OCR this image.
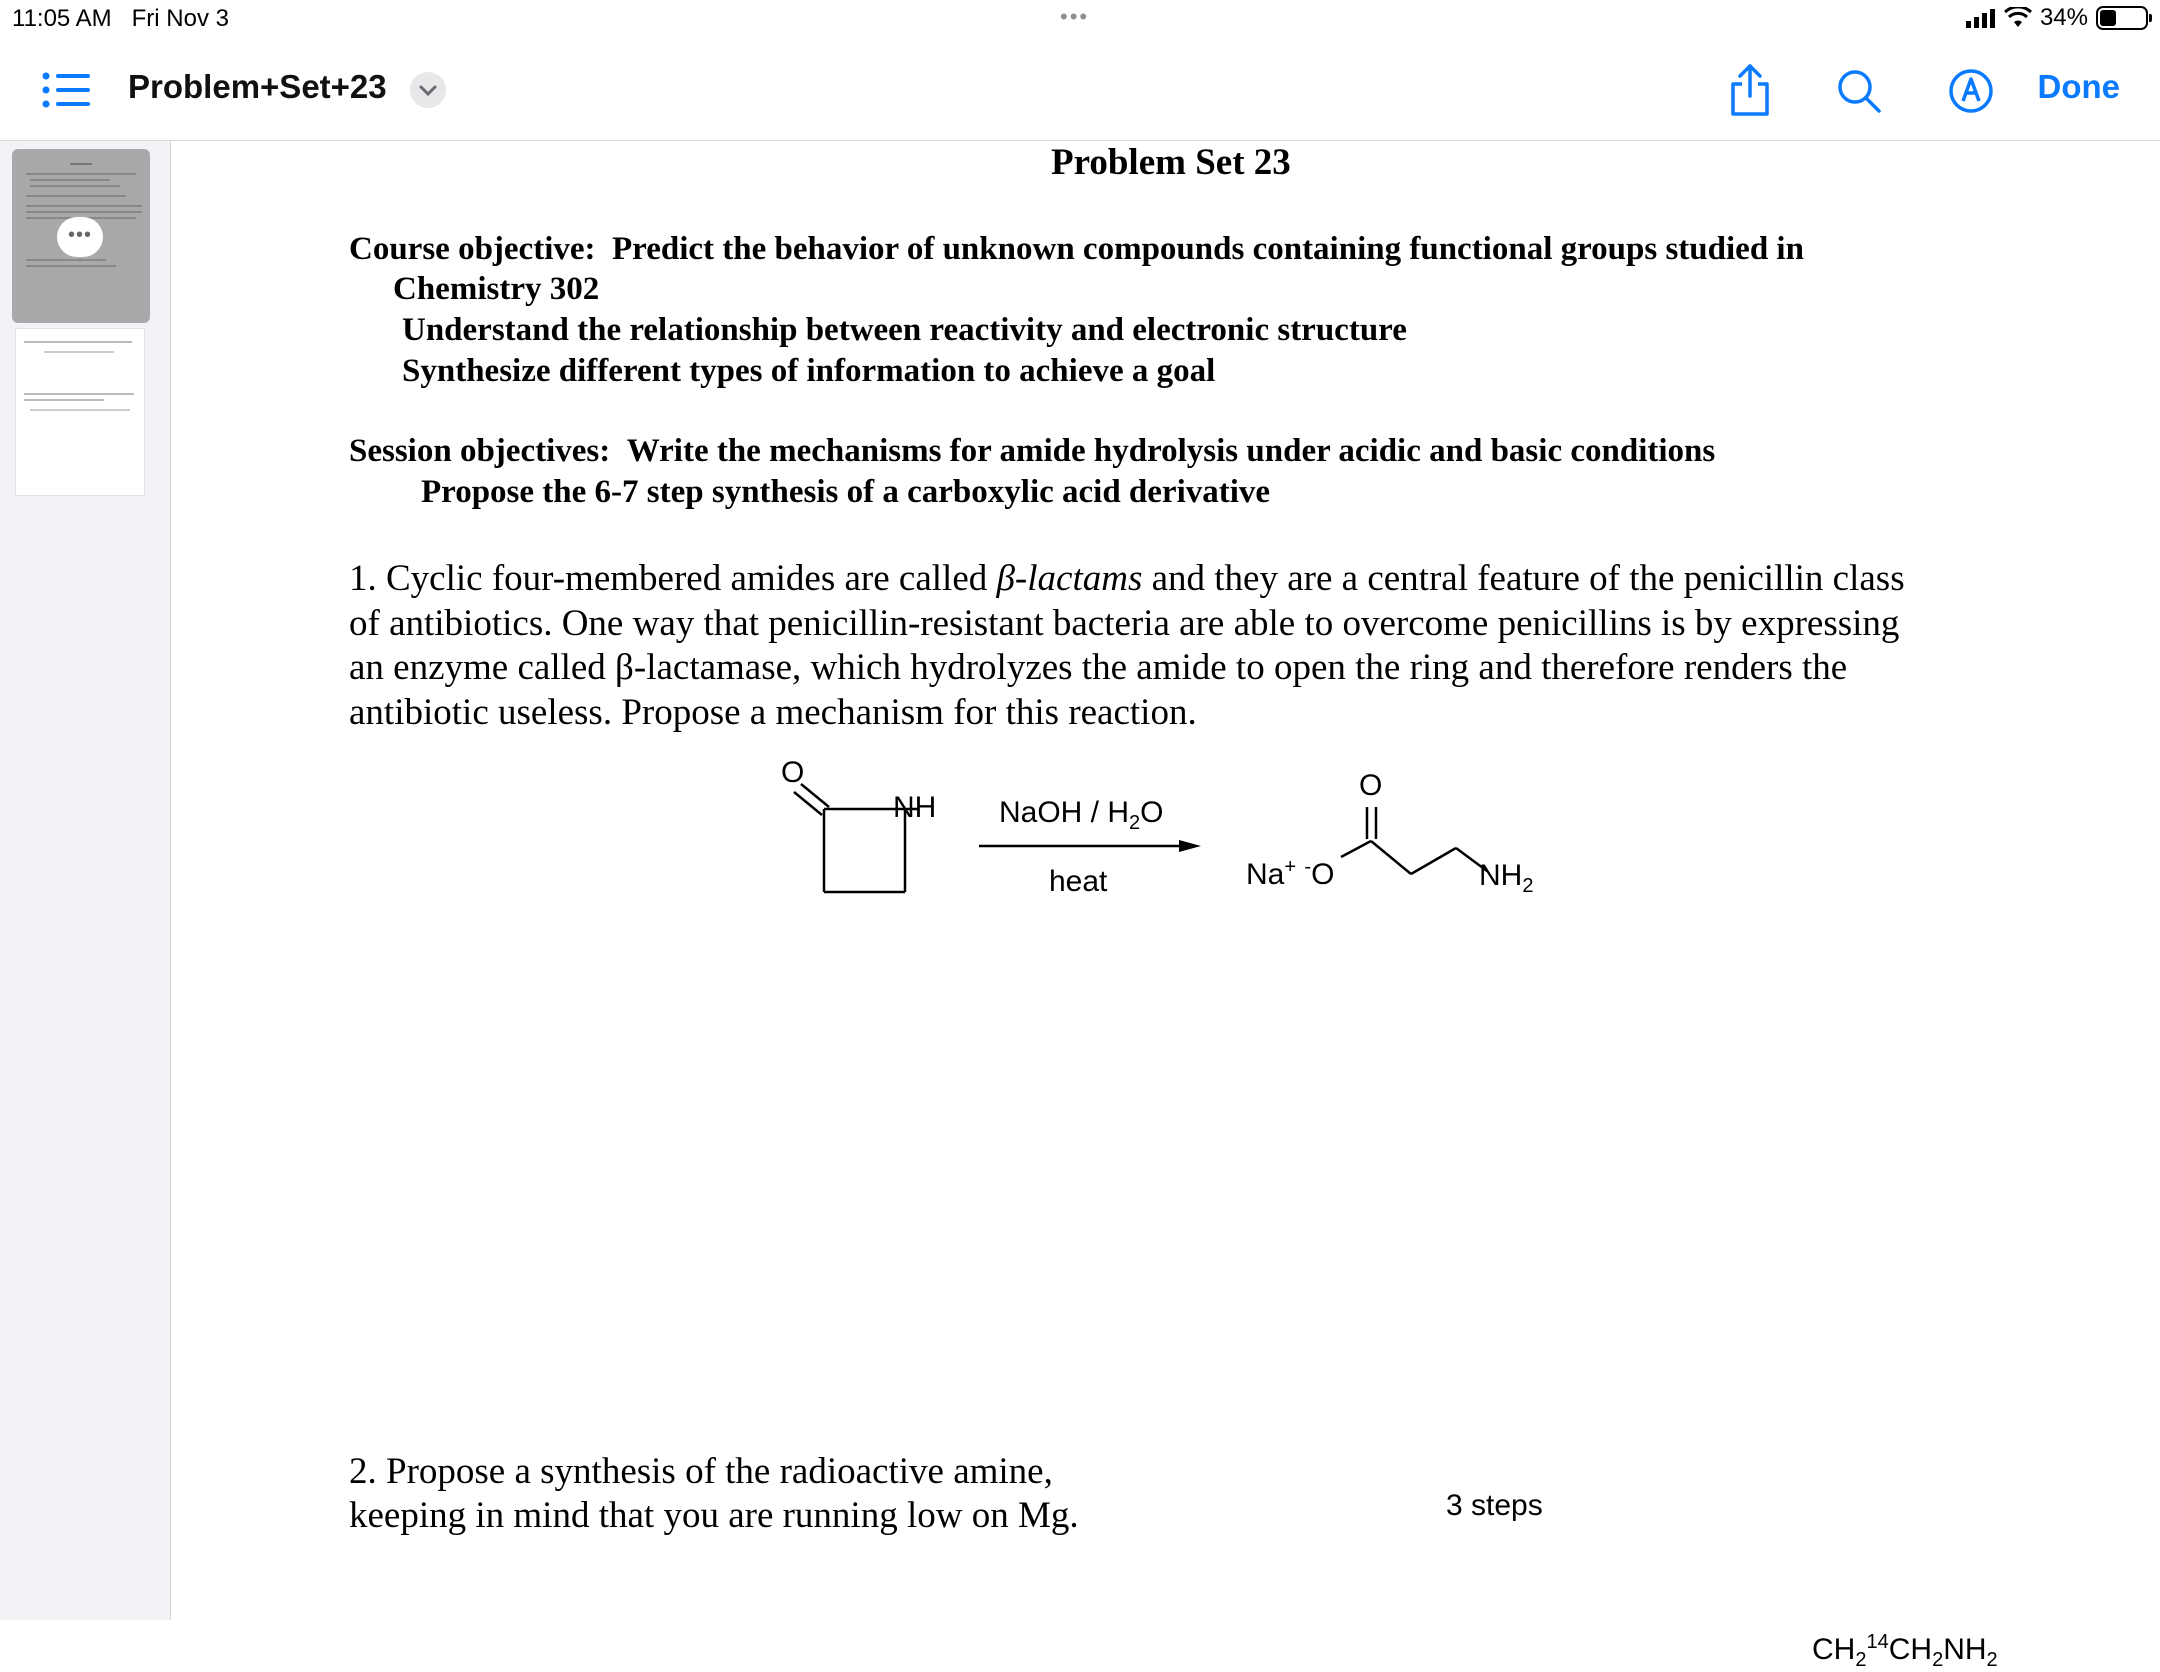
11:05 AM Fri Nov 3	•••	34%
Problem+Set+23	Done
•••
Problem Set 23
Course objective: Predict the behavior of unknown compounds containing functional groups studied in
Chemistry 302
Understand the relationship between reactivity and electronic structure
Synthesize different types of information to achieve a goal
Session objectives: Write the mechanisms for amide hydrolysis under acidic and basic conditions
Propose the 6-7 step synthesis of a carboxylic acid derivative
1. Cyclic four-membered amides are called β-lactams and they are a central feature of the penicillin class
of antibiotics. One way that penicillin-resistant bacteria are able to overcome penicillins is by expressing
an enzyme called β-lactamase, which hydrolyzes the amide to open the ring and therefore renders the
antibiotic useless. Propose a mechanism for this reaction.
O
NH NaOH / $H_2O$
heat	Na+ -O
O
$NH_2$
2. Propose a synthesis of the radioactive amine,
keeping in mind that you are running low on Mg.	3 steps
$CH_2^{14}CH_2NH_2$
